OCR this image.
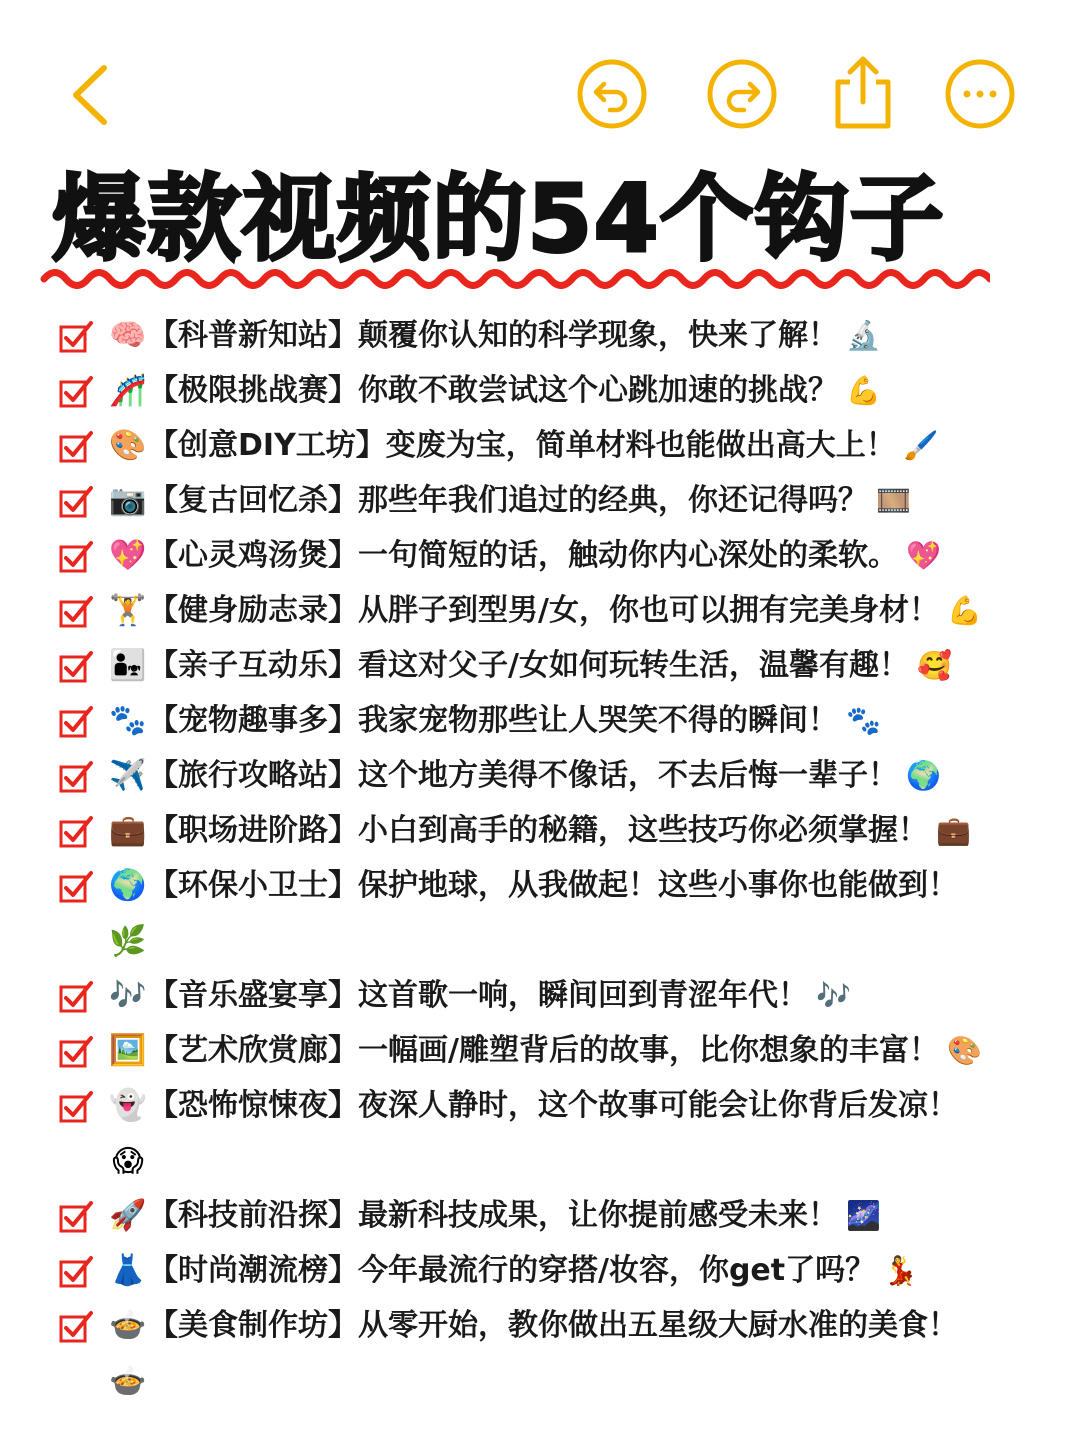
爆款视频的54个钩子
🧠 【科普新知站】颠覆你认知的科学现象，快来了解！ 🔬
🎢 【极限挑战赛】你敢不敢尝试这个心跳加速的挑战？ 💪
🎨 【创意DIY工坊】变废为宝，简单材料也能做出高大上！ 🖌️
📷 【复古回忆杀】那些年我们追过的经典，你还记得吗？ 🎞️
💖 【心灵鸡汤煲】一句简短的话，触动你内心深处的柔软。 💖
🏋️ 【健身励志录】从胖子到型男/女，你也可以拥有完美身材！ 💪
👨‍👧 【亲子互动乐】看这对父子/女如何玩转生活，温馨有趣！ 🥰
🐾 【宠物趣事多】我家宠物那些让人哭笑不得的瞬间！ 🐾
✈️ 【旅行攻略站】这个地方美得不像话，不去后悔一辈子！ 🌍
💼 【职场进阶路】小白到高手的秘籍，这些技巧你必须掌握！ 💼
🌍 【环保小卫士】保护地球，从我做起！这些小事你也能做到！
🌿
🎶 【音乐盛宴享】这首歌一响，瞬间回到青涩年代！ 🎶
🖼️ 【艺术欣赏廊】一幅画/雕塑背后的故事，比你想象的丰富！ 🎨
👻 【恐怖惊悚夜】夜深人静时，这个故事可能会让你背后发凉！
😱
🚀 【科技前沿探】最新科技成果，让你提前感受未来！ 🌌
👗 【时尚潮流榜】今年最流行的穿搭/妆容，你get了吗？ 💃
🍲 【美食制作坊】从零开始，教你做出五星级大厨水准的美食！
🍲
